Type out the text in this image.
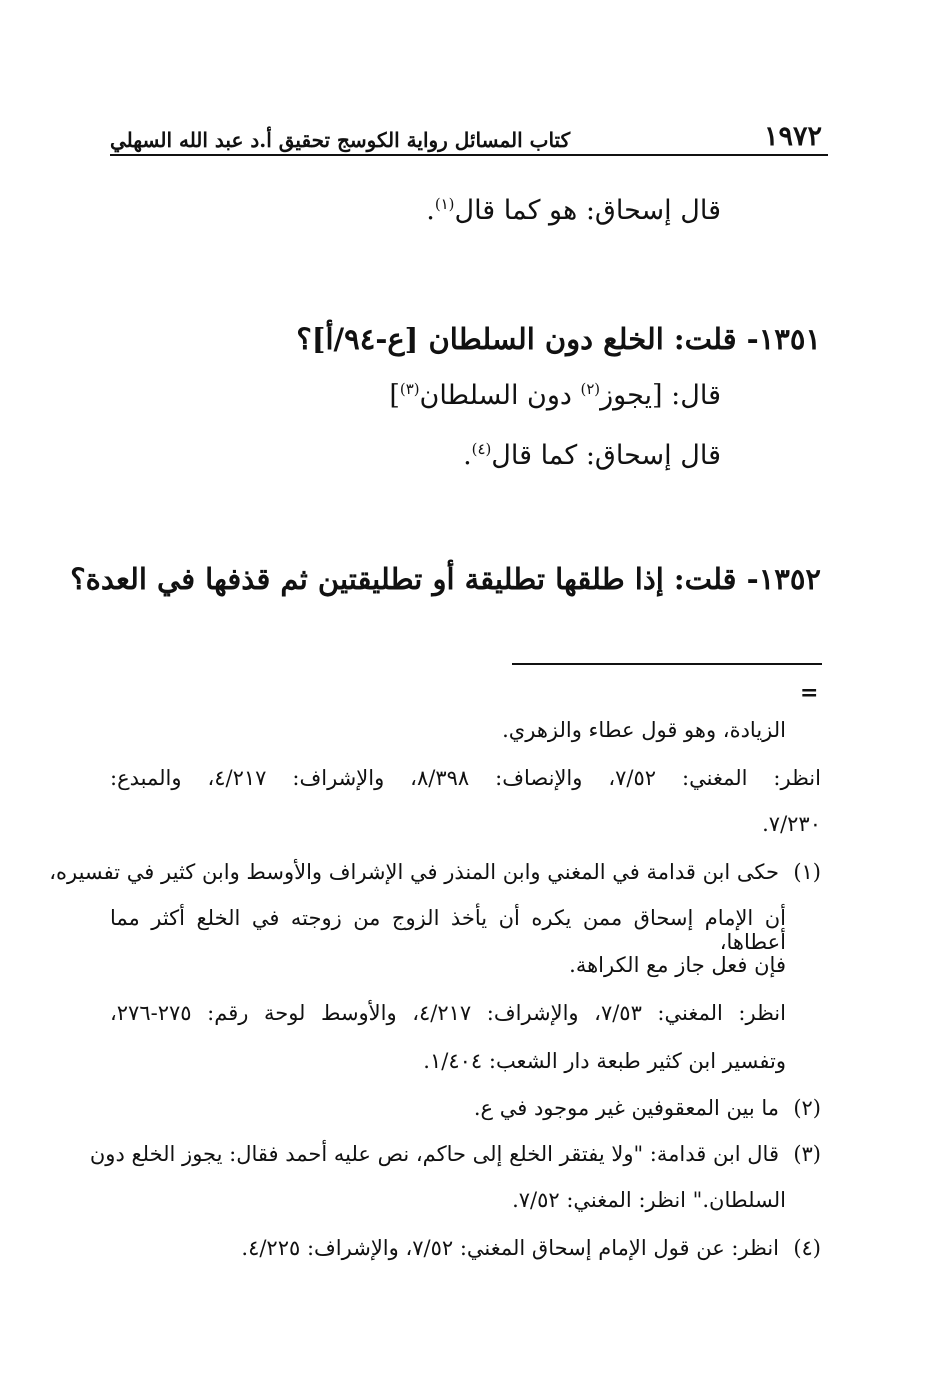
١٩٧٢
كتاب المسائل رواية الكوسج تحقيق أ.د عبد الله السهلي
قال إسحاق: هو كما قال$^{(١)}$.
١٣٥١- قلت: الخلع دون السلطان [ع-٩٤/أ]؟
قال: [يجوز$^{(٢)}$ دون السلطان$^{(٣)}$]
قال إسحاق: كما قال$^{(٤)}$.
١٣٥٢- قلت: إذا طلقها تطليقة أو تطليقتين ثم قذفها في العدة؟
=
الزيادة، وهو قول عطاء والزهري.
انظر: المغني: ٧/٥٢، والإنصاف: ٨/٣٩٨، والإشراف: ٤/٢١٧، والمبدع:
٧/٢٣٠.
(١)حكى ابن قدامة في المغني وابن المنذر في الإشراف والأوسط وابن كثير في تفسيره،
أن الإمام إسحاق ممن يكره أن يأخذ الزوج من زوجته في الخلع أكثر مما أعطاها،
فإن فعل جاز مع الكراهة.
انظر: المغني: ٧/٥٣، والإشراف: ٤/٢١٧، والأوسط لوحة رقم: ٢٧٥-٢٧٦،
وتفسير ابن كثير طبعة دار الشعب: ١/٤٠٤.
(٢)ما بين المعقوفين غير موجود في ع.
(٣)قال ابن قدامة: "ولا يفتقر الخلع إلى حاكم، نص عليه أحمد فقال: يجوز الخلع دون
السلطان." انظر: المغني: ٧/٥٢.
(٤)انظر: عن قول الإمام إسحاق المغني: ٧/٥٢، والإشراف: ٤/٢٢٥.
